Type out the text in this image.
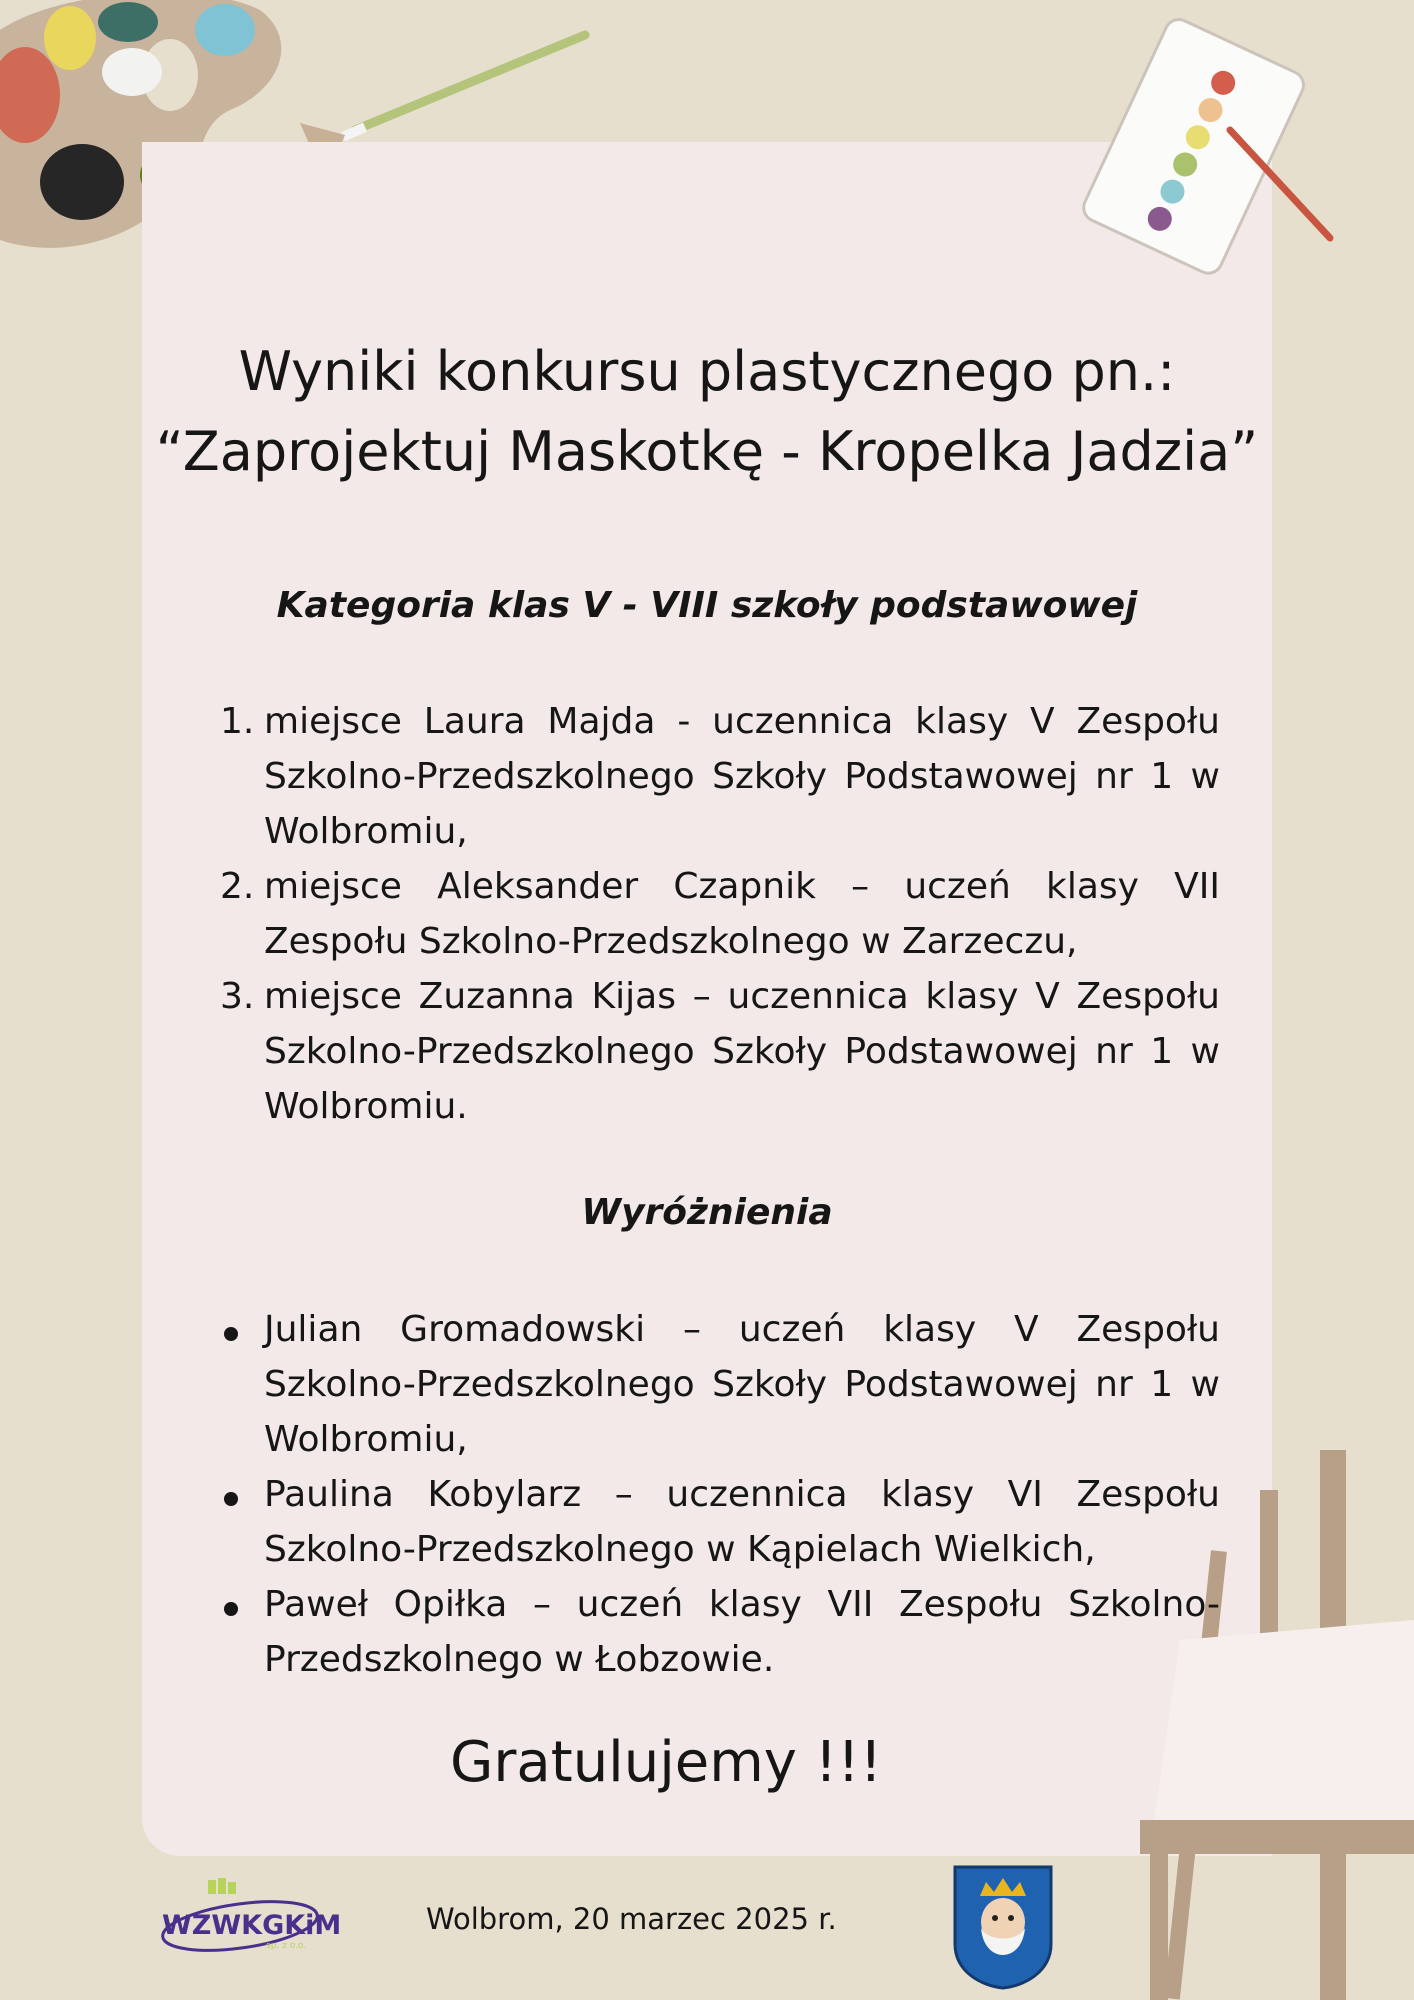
Wyniki konkursu plastycznego pn.:
“Zaprojektuj Maskotkę - Kropelka Jadzia”
Kategoria klas V - VIII szkoły podstawowej
1. miejsce Laura Majda - uczennica klasy V Zespołu Szkolno-Przedszkolnego Szkoły Podstawowej nr 1 w Wolbromiu,
2. miejsce Aleksander Czapnik – uczeń klasy VII Zespołu Szkolno-Przedszkolnego w Zarzeczu,
3. miejsce Zuzanna Kijas – uczennica klasy V Zespołu Szkolno-Przedszkolnego Szkoły Podstawowej nr 1 w Wolbromiu.
Wyróżnienia
Julian Gromadowski – uczeń klasy V Zespołu Szkolno-Przedszkolnego Szkoły Podstawowej nr 1 w Wolbromiu,
Paulina Kobylarz – uczennica klasy VI Zespołu Szkolno-Przedszkolnego w Kąpielach Wielkich,
Paweł Opiłka – uczeń klasy VII Zespołu Szkolno-Przedszkolnego w Łobzowie.
Gratulujemy !!!
WZWKGKiM
sp. z o.o.
Wolbrom, 20 marzec 2025 r.
